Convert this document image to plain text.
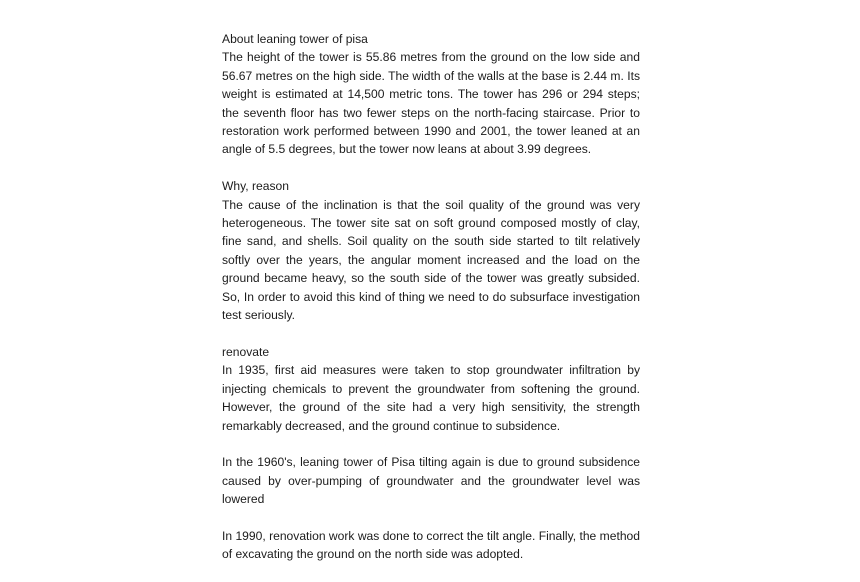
About leaning tower of pisa

The height of the tower is 55.86 metres from the ground on the low side and 56.67 metres on the high side. The width of the walls at the base is 2.44 m. Its weight is estimated at 14,500 metric tons. The tower has 296 or 294 steps; the seventh floor has two fewer steps on the north-facing staircase. Prior to restoration work performed between 1990 and 2001, the tower leaned at an angle of 5.5 degrees, but the tower now leans at about 3.99 degrees.

Why, reason

The cause of the inclination is that the soil quality of the ground was very heterogeneous. The tower site sat on soft ground composed mostly of clay, fine sand, and shells. Soil quality on the south side started to tilt relatively softly over the years, the angular moment increased and the load on the ground became heavy, so the south side of the tower was greatly subsided. So, In order to avoid this kind of thing we need to do subsurface investigation test seriously.

renovate

In 1935, first aid measures were taken to stop groundwater infiltration by injecting chemicals to prevent the groundwater from softening the ground. However, the ground of the site had a very high sensitivity, the strength remarkably decreased, and the ground continue to subsidence.

In the 1960's, leaning tower of Pisa tilting again is due to ground subsidence caused by over-pumping of groundwater and the groundwater level was lowered

In 1990, renovation work was done to correct the tilt angle. Finally, the method of excavating the ground on the north side was adopted.
